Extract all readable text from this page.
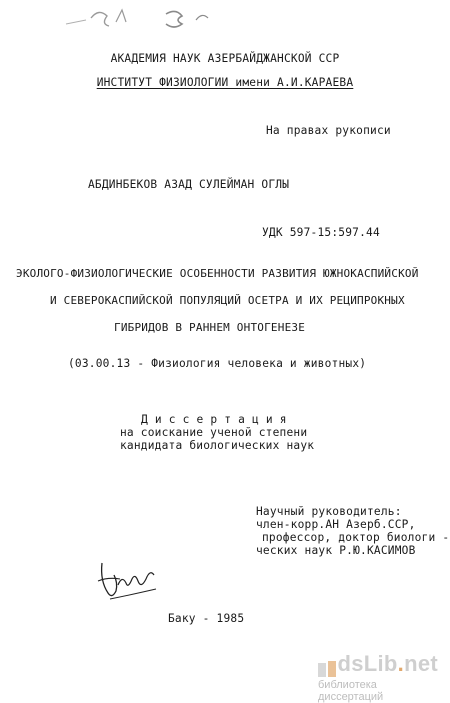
АКАДЕМИЯ НАУК АЗЕРБАЙДЖАНСКОЙ ССР
ИНСТИТУТ ФИЗИОЛОГИИ имени А.И.КАРАЕВА
На правах рукописи
АБДИНБЕКОВ АЗАД СУЛЕЙМАН ОГЛЫ
УДК 597-15:597.44
ЭКОЛОГО-ФИЗИОЛОГИЧЕСКИЕ ОСОБЕННОСТИ РАЗВИТИЯ ЮЖНОКАСПИЙСКОЙ
И СЕВЕРОКАСПИЙСКОЙ ПОПУЛЯЦИЙ ОСЕТРА И ИХ РЕЦИПРОКНЫХ
ГИБРИДОВ В РАННЕМ ОНТОГЕНЕЗЕ
(03.00.13 - Физиология человека и животных)
Д и с с е р т а ц и я
на соискание ученой степени
кандидата биологических наук
Научный руководитель:
член-корр.АН Азерб.ССР,
профессор, доктор биологи -
ческих наук Р.Ю.КАСИМОВ
Баку - 1985
dsLib.net
библиотека диссертаций
